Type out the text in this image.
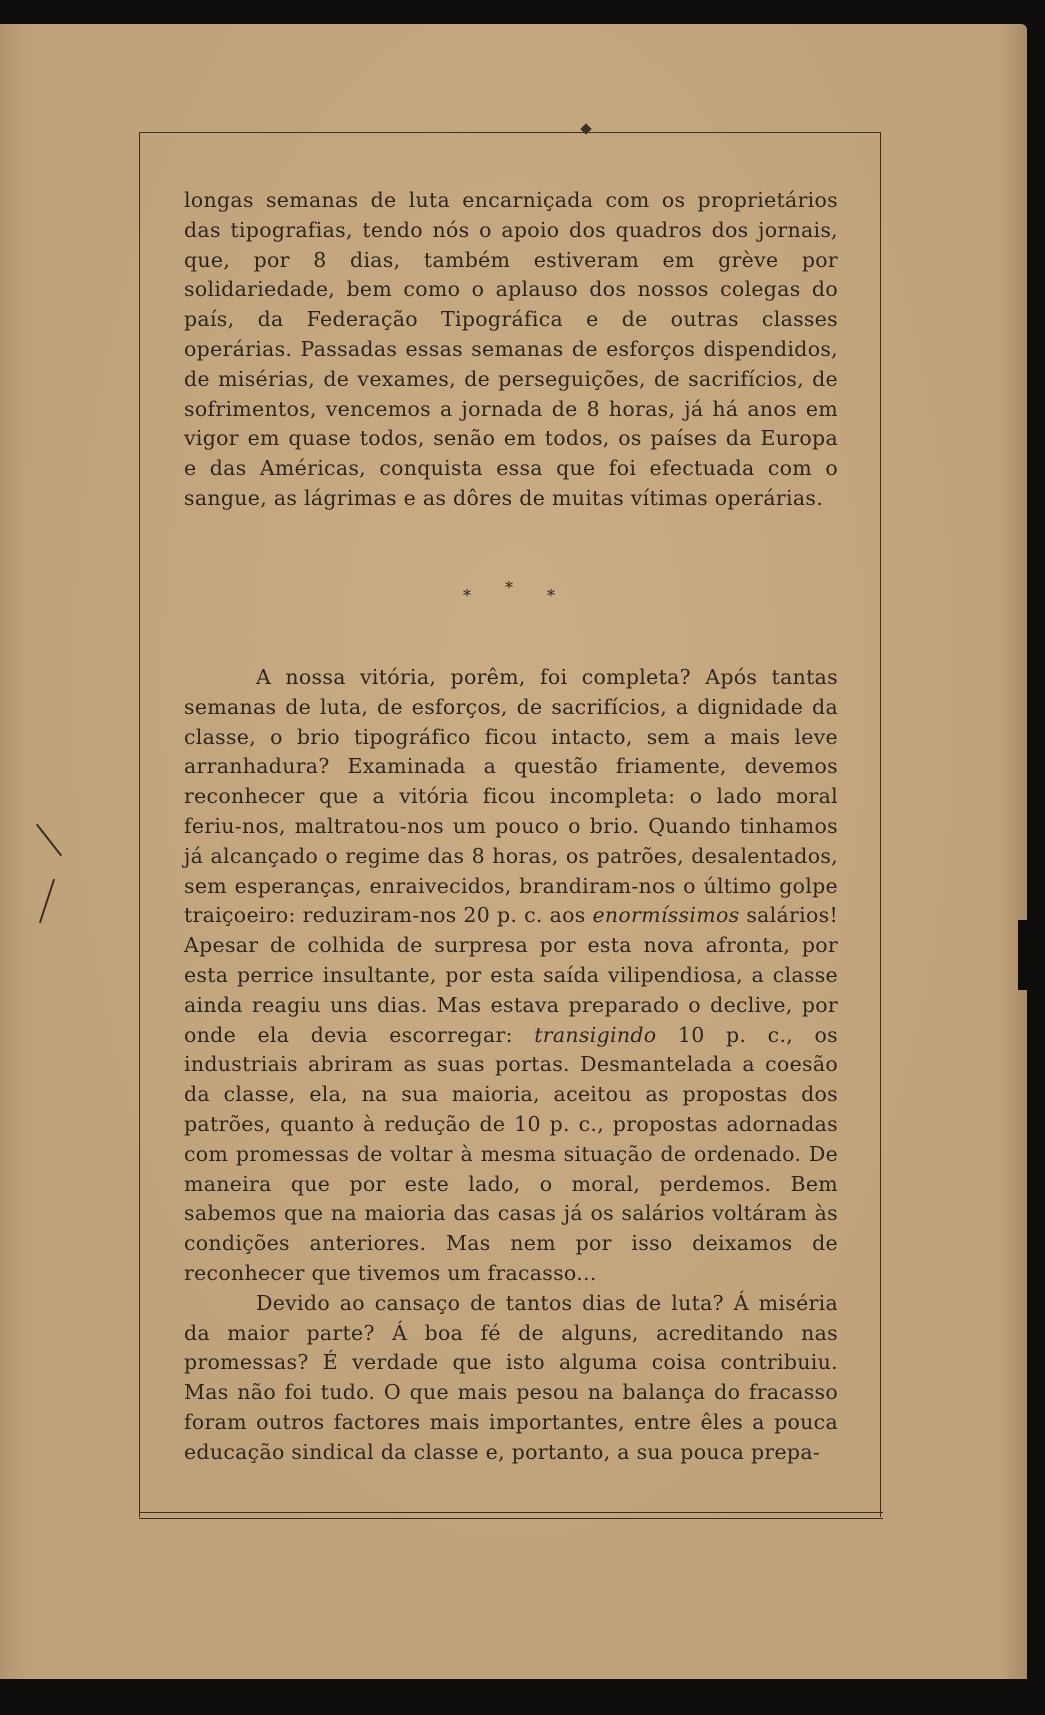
longas semanas de luta encarniçada com os proprietários das tipografias, tendo nós o apoio dos quadros dos jornais, que, por 8 dias, também estiveram em grève por solidariedade, bem como o aplauso dos nossos colegas do país, da Federação Tipográfica e de outras classes operárias. Passadas essas semanas de esforços dispendidos, de misérias, de vexames, de perseguições, de sacrifícios, de sofrimentos, vencemos a jornada de 8 horas, já há anos em vigor em quase todos, senão em todos, os países da Europa e das Américas, conquista essa que foi efectuada com o sangue, as lágrimas e as dôres de muitas vítimas operárias.

* * *

A nossa vitória, porêm, foi completa? Após tantas semanas de luta, de esforços, de sacrifícios, a dignidade da classe, o brio tipográfico ficou intacto, sem a mais leve arranhadura? Examinada a questão friamente, devemos reconhecer que a vitória ficou incompleta: o lado moral feriu-nos, maltratou-nos um pouco o brio. Quando tinhamos já alcançado o regime das 8 horas, os patrões, desalentados, sem esperanças, enraivecidos, brandiram-nos o último golpe traiçoeiro: reduziram-nos 20 p. c. aos enormíssimos salários! Apesar de colhida de surpresa por esta nova afronta, por esta perrice insultante, por esta saída vilipendiosa, a classe ainda reagiu uns dias. Mas estava preparado o declive, por onde ela devia escorregar: transigindo 10 p. c., os industriais abriram as suas portas. Desmantelada a coesão da classe, ela, na sua maioria, aceitou as propostas dos patrões, quanto à redução de 10 p. c., propostas adornadas com promessas de voltar à mesma situação de ordenado. De maneira que por este lado, o moral, perdemos. Bem sabemos que na maioria das casas já os salários voltáram às condições anteriores. Mas nem por isso deixamos de reconhecer que tivemos um fracasso...

Devido ao cansaço de tantos dias de luta? Á miséria da maior parte? Á boa fé de alguns, acreditando nas promessas? É verdade que isto alguma coisa contribuiu. Mas não foi tudo. O que mais pesou na balança do fracasso foram outros factores mais importantes, entre êles a pouca educação sindical da classe e, portanto, a sua pouca prepa-
